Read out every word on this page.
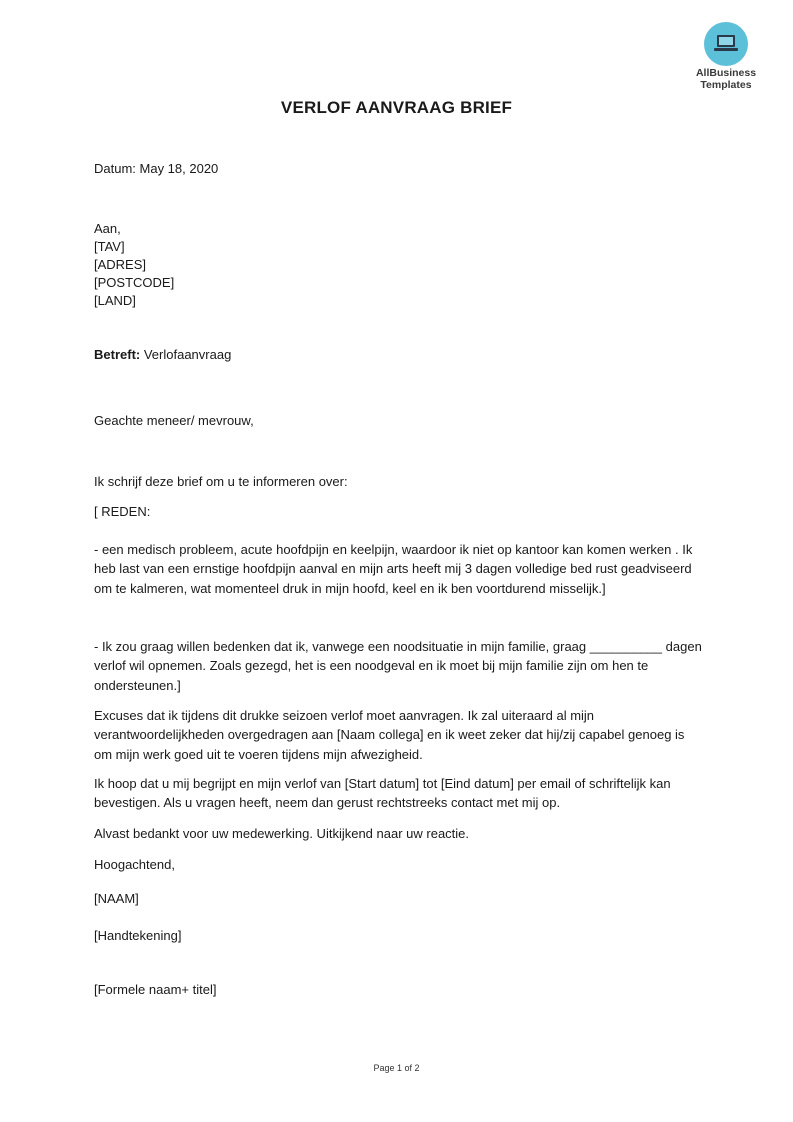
AllBusiness
Templates
VERLOF AANVRAAG BRIEF
Datum: May 18, 2020
Aan,
[TAV]
[ADRES]
[POSTCODE]
[LAND]
Betreft: Verlofaanvraag
Geachte meneer/ mevrouw,
Ik schrijf deze brief om u te informeren over:
[ REDEN:
- een medisch probleem, acute hoofdpijn en keelpijn, waardoor ik niet op kantoor kan komen werken . Ik heb last van een ernstige hoofdpijn aanval en mijn arts heeft mij 3 dagen volledige bed rust geadviseerd om te kalmeren, wat momenteel druk in mijn hoofd, keel en ik ben voortdurend misselijk.]
- Ik zou graag willen bedenken dat ik, vanwege een noodsituatie in mijn familie, graag __________ dagen verlof wil opnemen. Zoals gezegd, het is een noodgeval en ik moet bij mijn familie zijn om hen te ondersteunen.]
Excuses dat ik tijdens dit drukke seizoen verlof moet aanvragen. Ik zal uiteraard al mijn verantwoordelijkheden overgedragen aan [Naam collega] en ik weet zeker dat hij/zij capabel genoeg is om mijn werk goed uit te voeren tijdens mijn afwezigheid.
Ik hoop dat u mij begrijpt en mijn verlof van [Start datum] tot [Eind datum] per email of schriftelijk kan bevestigen. Als u vragen heeft, neem dan gerust rechtstreeks contact met mij op.
Alvast bedankt voor uw medewerking. Uitkijkend naar uw reactie.
Hoogachtend,
[NAAM]
[Handtekening]
[Formele naam+ titel]
Page 1 of 2
